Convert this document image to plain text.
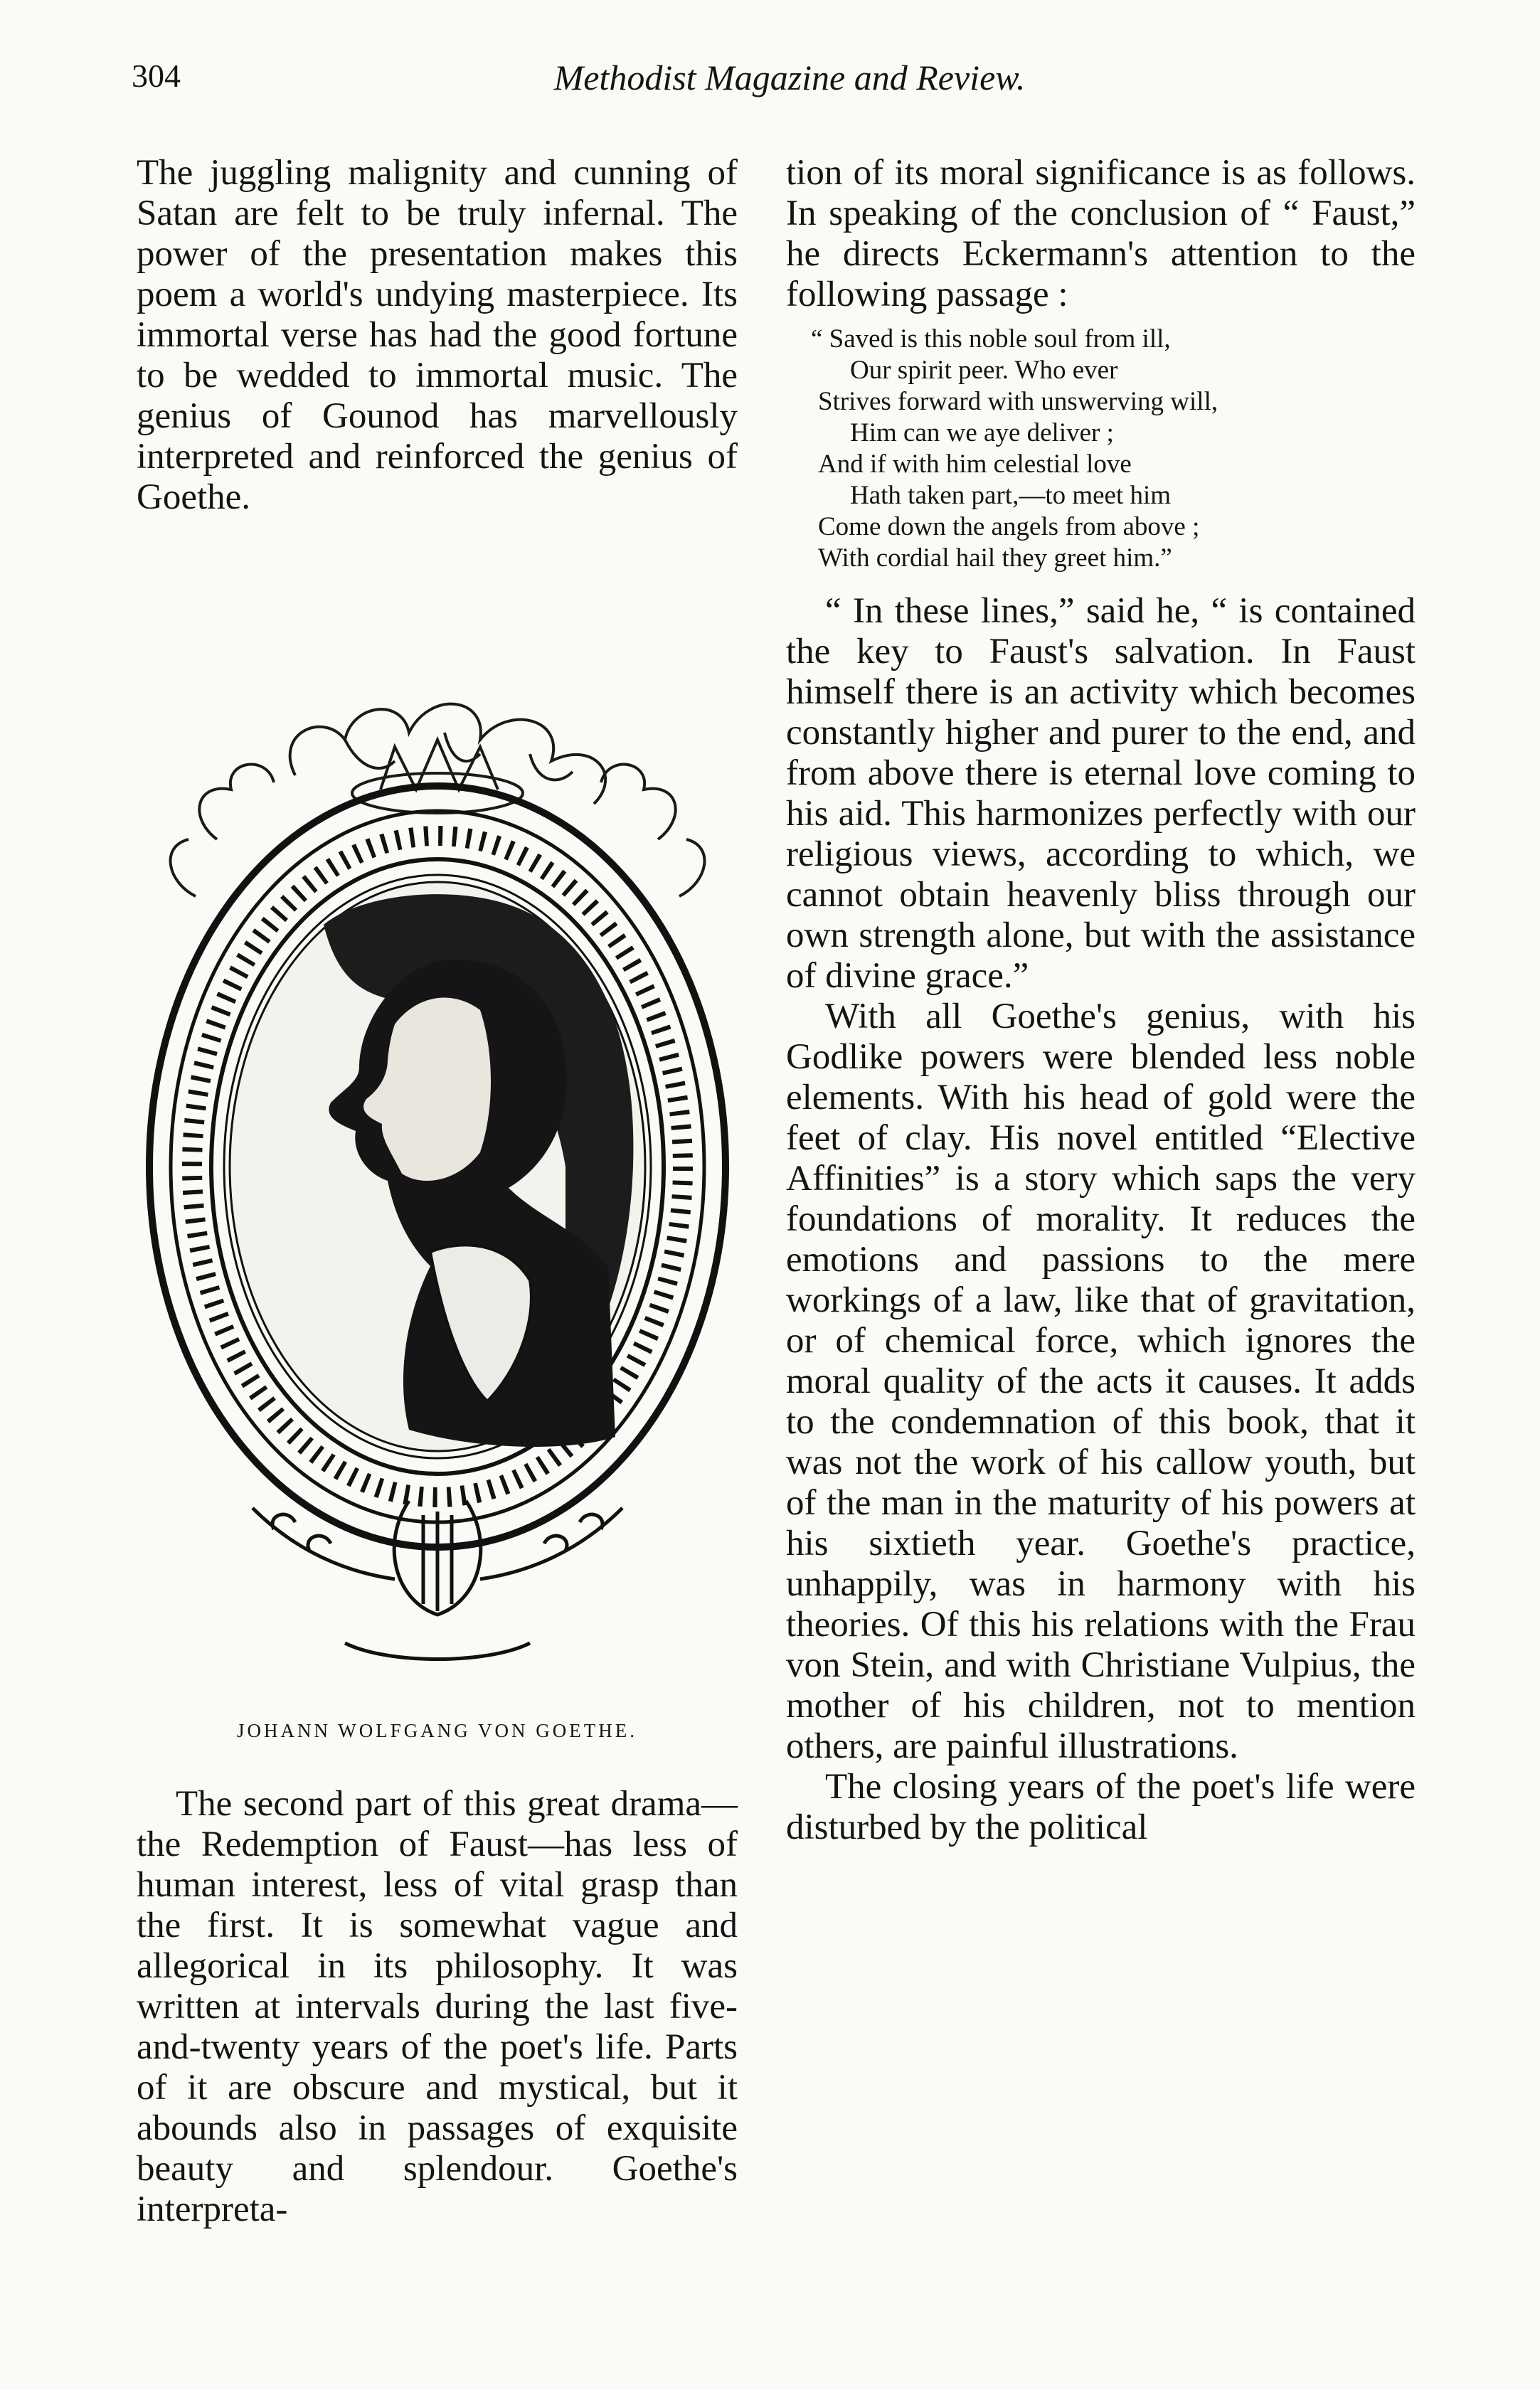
304	Methodist Magazine and Review.

The juggling malignity and cunning of Satan are felt to be truly infernal. The power of the presentation makes this poem a world's undying masterpiece. Its immortal verse has had the good fortune to be wedded to immortal music. The genius of Gounod has marvellously interpreted and reinforced the genius of Goethe.

JOHANN WOLFGANG VON GOETHE.

The second part of this great drama—the Redemption of Faust—has less of human interest, less of vital grasp than the first. It is somewhat vague and allegorical in its philosophy. It was written at intervals during the last five-and-twenty years of the poet's life. Parts of it are obscure and mystical, but it abounds also in passages of exquisite beauty and splendour. Goethe's interpreta-

tion of its moral significance is as follows. In speaking of the conclusion of “ Faust,” he directs Eckermann's attention to the following passage :

“ Saved is this noble soul from ill,
Our spirit peer. Who ever
Strives forward with unswerving will,
Him can we aye deliver ;
And if with him celestial love
Hath taken part,—to meet him
Come down the angels from above ;
With cordial hail they greet him.”

“ In these lines,” said he, “ is contained the key to Faust's salvation. In Faust himself there is an activity which becomes constantly higher and purer to the end, and from above there is eternal love coming to his aid. This harmonizes perfectly with our religious views, according to which, we cannot obtain heavenly bliss through our own strength alone, but with the assistance of divine grace.”

With all Goethe's genius, with his Godlike powers were blended less noble elements. With his head of gold were the feet of clay. His novel entitled “Elective Affinities” is a story which saps the very foundations of morality. It reduces the emotions and passions to the mere workings of a law, like that of gravitation, or of chemical force, which ignores the moral quality of the acts it causes. It adds to the condemnation of this book, that it was not the work of his callow youth, but of the man in the maturity of his powers at his sixtieth year. Goethe's practice, unhappily, was in harmony with his theories. Of this his relations with the Frau von Stein, and with Christiane Vulpius, the mother of his children, not to mention others, are painful illustrations.

The closing years of the poet's life were disturbed by the political
